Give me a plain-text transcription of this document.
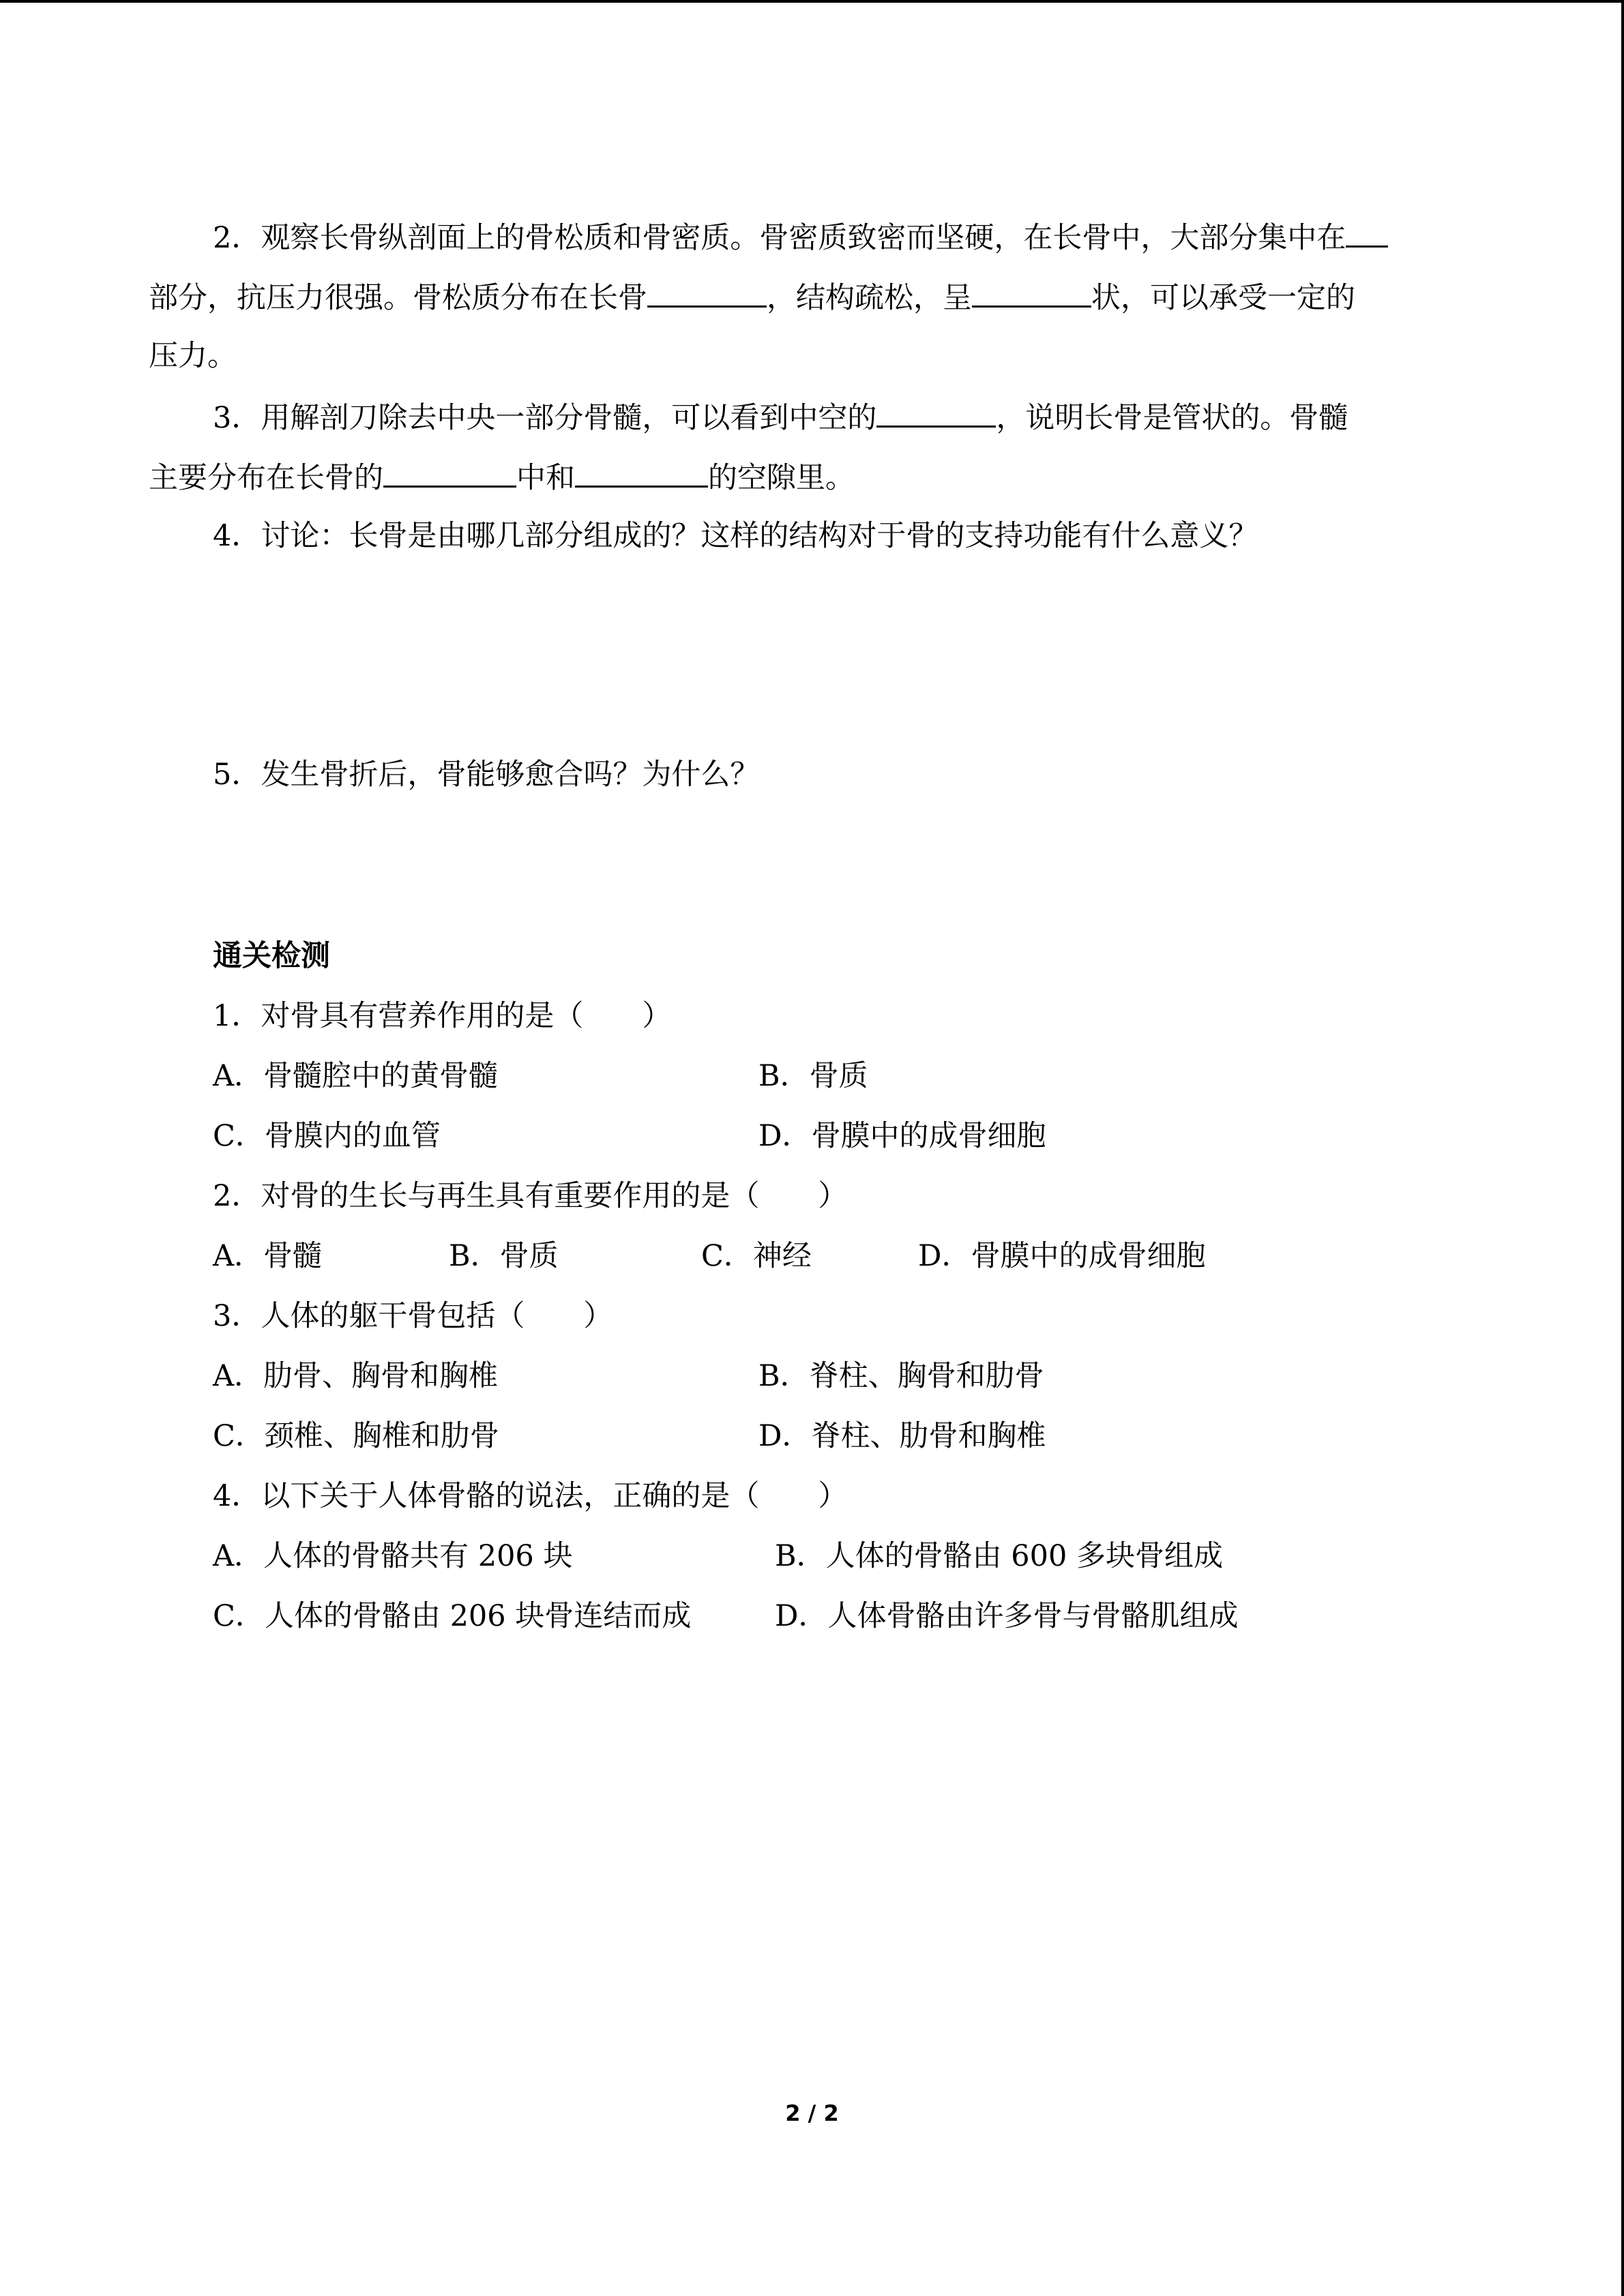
2．观察长骨纵剖面上的骨松质和骨密质。骨密质致密而坚硬，在长骨中，大部分集中在
部分，抗压力很强。骨松质分布在长骨	，结构疏松，呈	状，可以承受一定的
压力。
3．用解剖刀除去中央一部分骨髓，可以看到中空的	，说明长骨是管状的。骨髓
主要分布在长骨的	中和	的空隙里。
4．讨论：长骨是由哪几部分组成的？这样的结构对于骨的支持功能有什么意义？
5．发生骨折后，骨能够愈合吗？为什么？
通关检测
1．对骨具有营养作用的是（　　）
A．骨髓腔中的黄骨髓	B．骨质
C．骨膜内的血管	D．骨膜中的成骨细胞
2．对骨的生长与再生具有重要作用的是（　　）
A．骨髓	B．骨质	C．神经	D．骨膜中的成骨细胞
3．人体的躯干骨包括（　　）
A．肋骨、胸骨和胸椎	B．脊柱、胸骨和肋骨
C．颈椎、胸椎和肋骨	D．脊柱、肋骨和胸椎
4．以下关于人体骨骼的说法，正确的是（　　）
A．人体的骨骼共有 206 块	B．人体的骨骼由 600 多块骨组成
C．人体的骨骼由 206 块骨连结而成	D．人体骨骼由许多骨与骨骼肌组成
2 / 2
